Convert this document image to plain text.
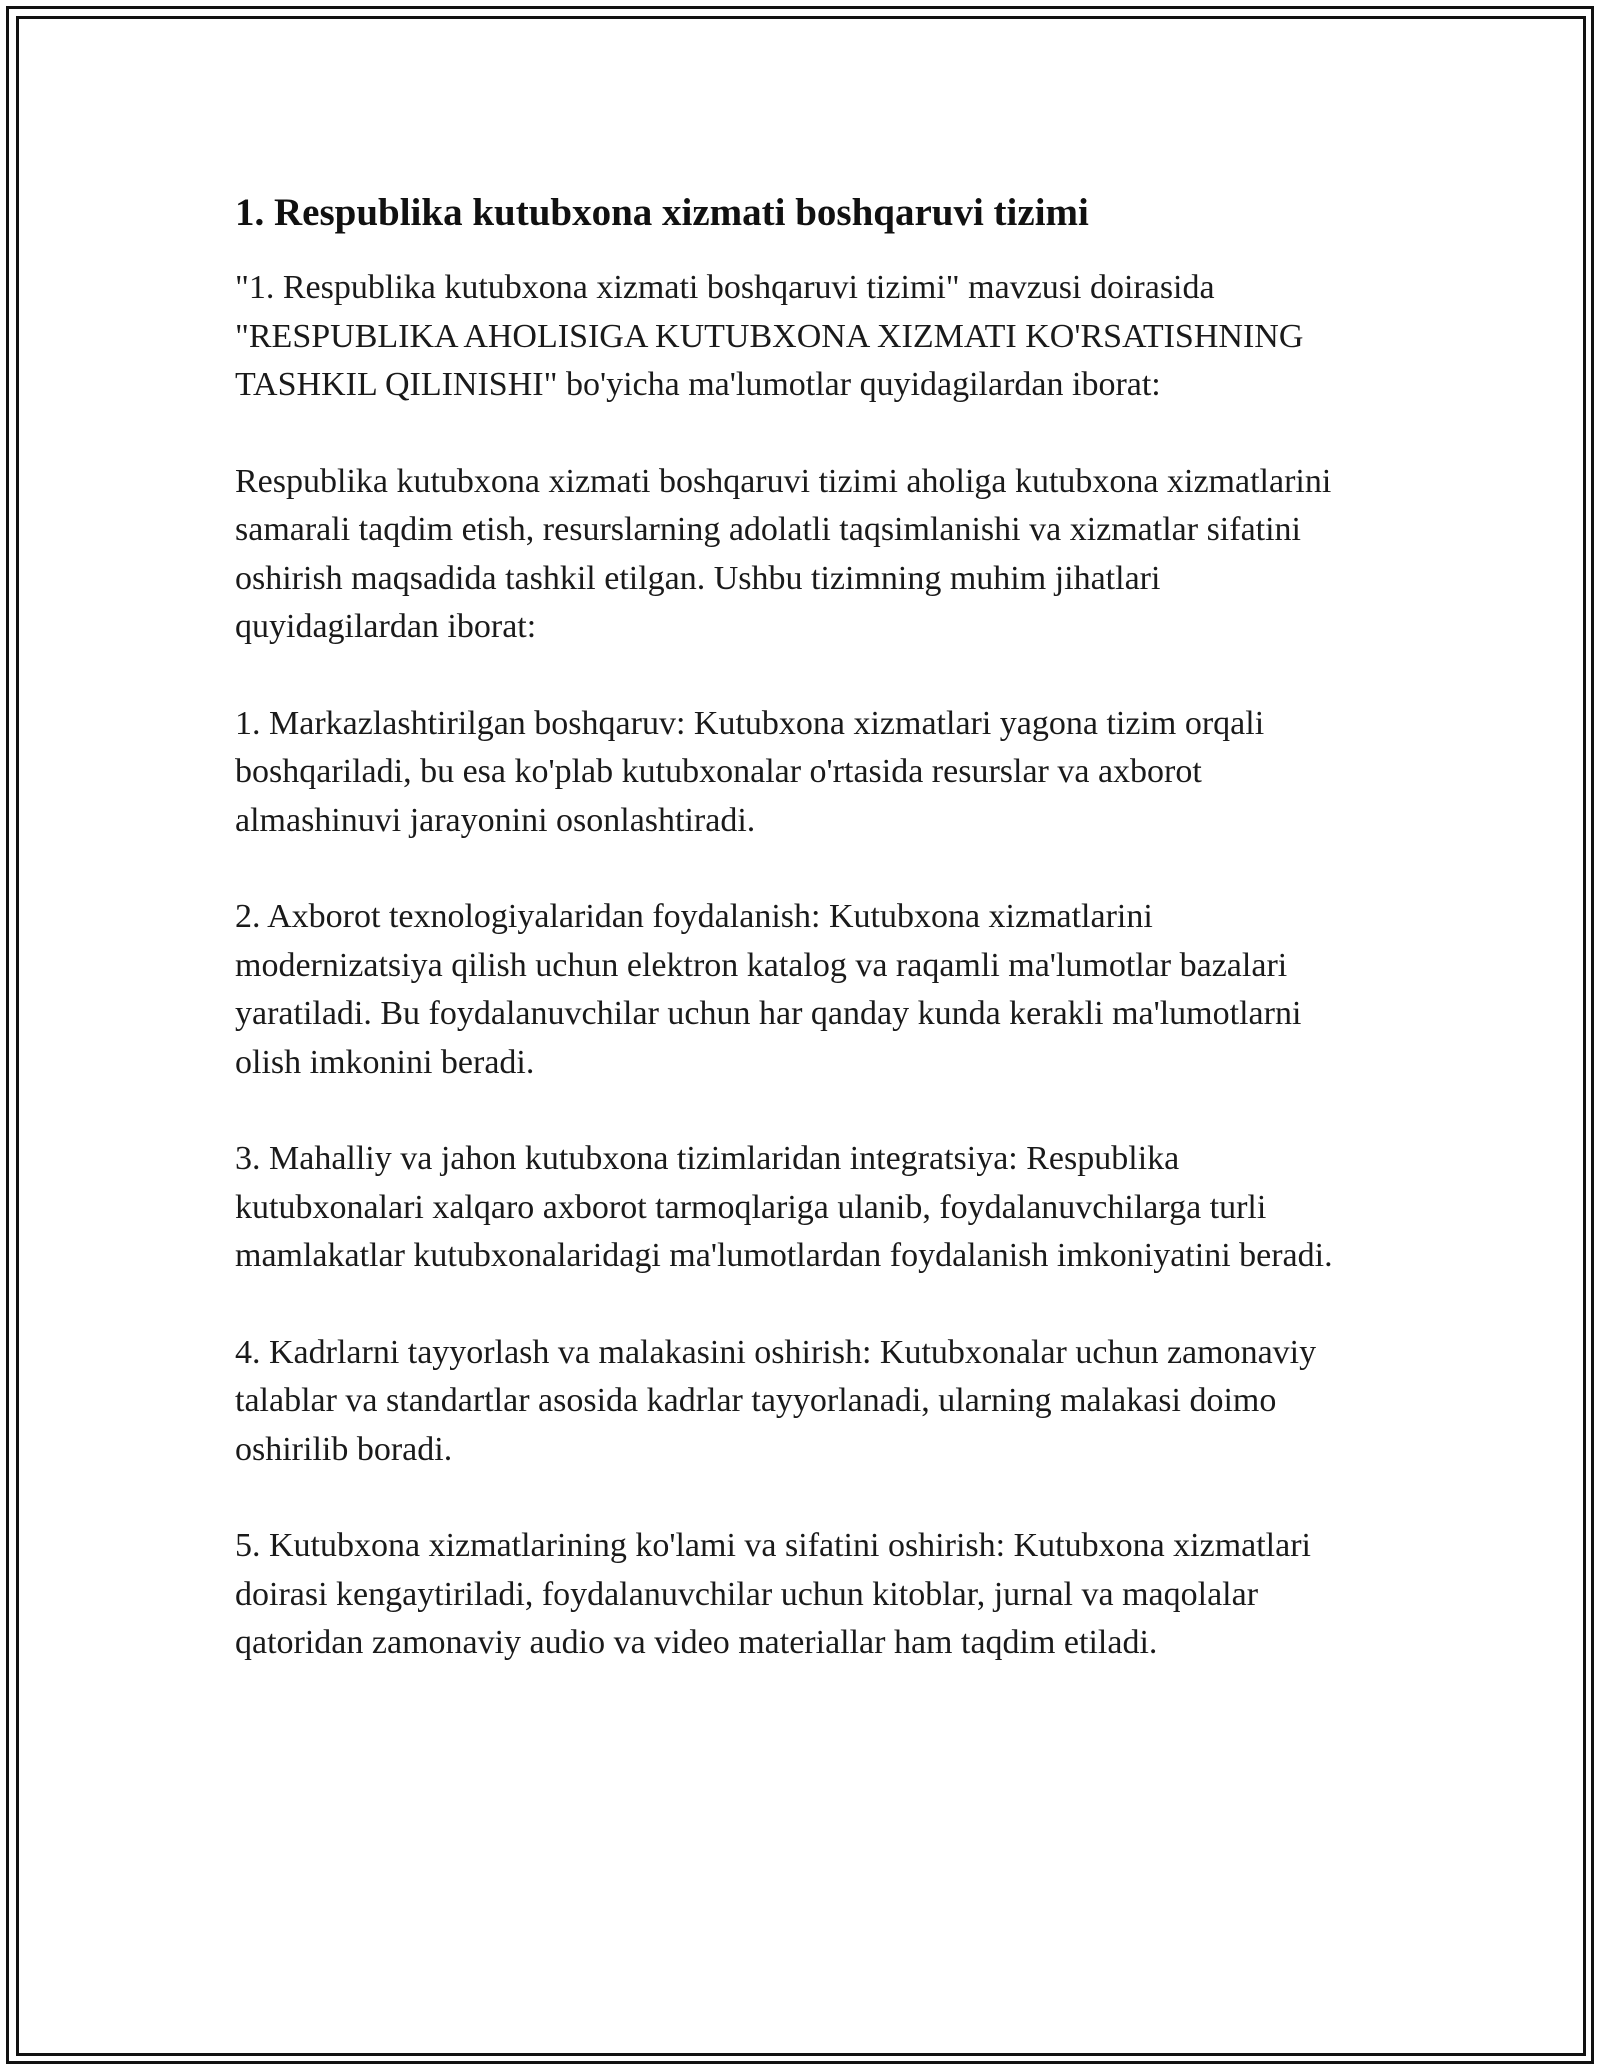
1. Respublika kutubxona xizmati boshqaruvi tizimi

"1. Respublika kutubxona xizmati boshqaruvi tizimi" mavzusi doirasida "RESPUBLIKA AHOLISIGA KUTUBXONA XIZMATI KO'RSATISHNING TASHKIL QILINISHI" bo'yicha ma'lumotlar quyidagilardan iborat:

Respublika kutubxona xizmati boshqaruvi tizimi aholiga kutubxona xizmatlarini samarali taqdim etish, resurslarning adolatli taqsimlanishi va xizmatlar sifatini oshirish maqsadida tashkil etilgan. Ushbu tizimning muhim jihatlari quyidagilardan iborat:

1. Markazlashtirilgan boshqaruv: Kutubxona xizmatlari yagona tizim orqali boshqariladi, bu esa ko'plab kutubxonalar o'rtasida resurslar va axborot almashinuvi jarayonini osonlashtiradi.

2. Axborot texnologiyalaridan foydalanish: Kutubxona xizmatlarini modernizatsiya qilish uchun elektron katalog va raqamli ma'lumotlar bazalari yaratiladi. Bu foydalanuvchilar uchun har qanday kunda kerakli ma'lumotlarni olish imkonini beradi.

3. Mahalliy va jahon kutubxona tizimlaridan integratsiya: Respublika kutubxonalari xalqaro axborot tarmoqlariga ulanib, foydalanuvchilarga turli mamlakatlar kutubxonalaridagi ma'lumotlardan foydalanish imkoniyatini beradi.

4. Kadrlarni tayyorlash va malakasini oshirish: Kutubxonalar uchun zamonaviy talablar va standartlar asosida kadrlar tayyorlanadi, ularning malakasi doimo oshirilib boradi.

5. Kutubxona xizmatlarining ko'lami va sifatini oshirish: Kutubxona xizmatlari doirasi kengaytiriladi, foydalanuvchilar uchun kitoblar, jurnal va maqolalar qatoridan zamonaviy audio va video materiallar ham taqdim etiladi.
